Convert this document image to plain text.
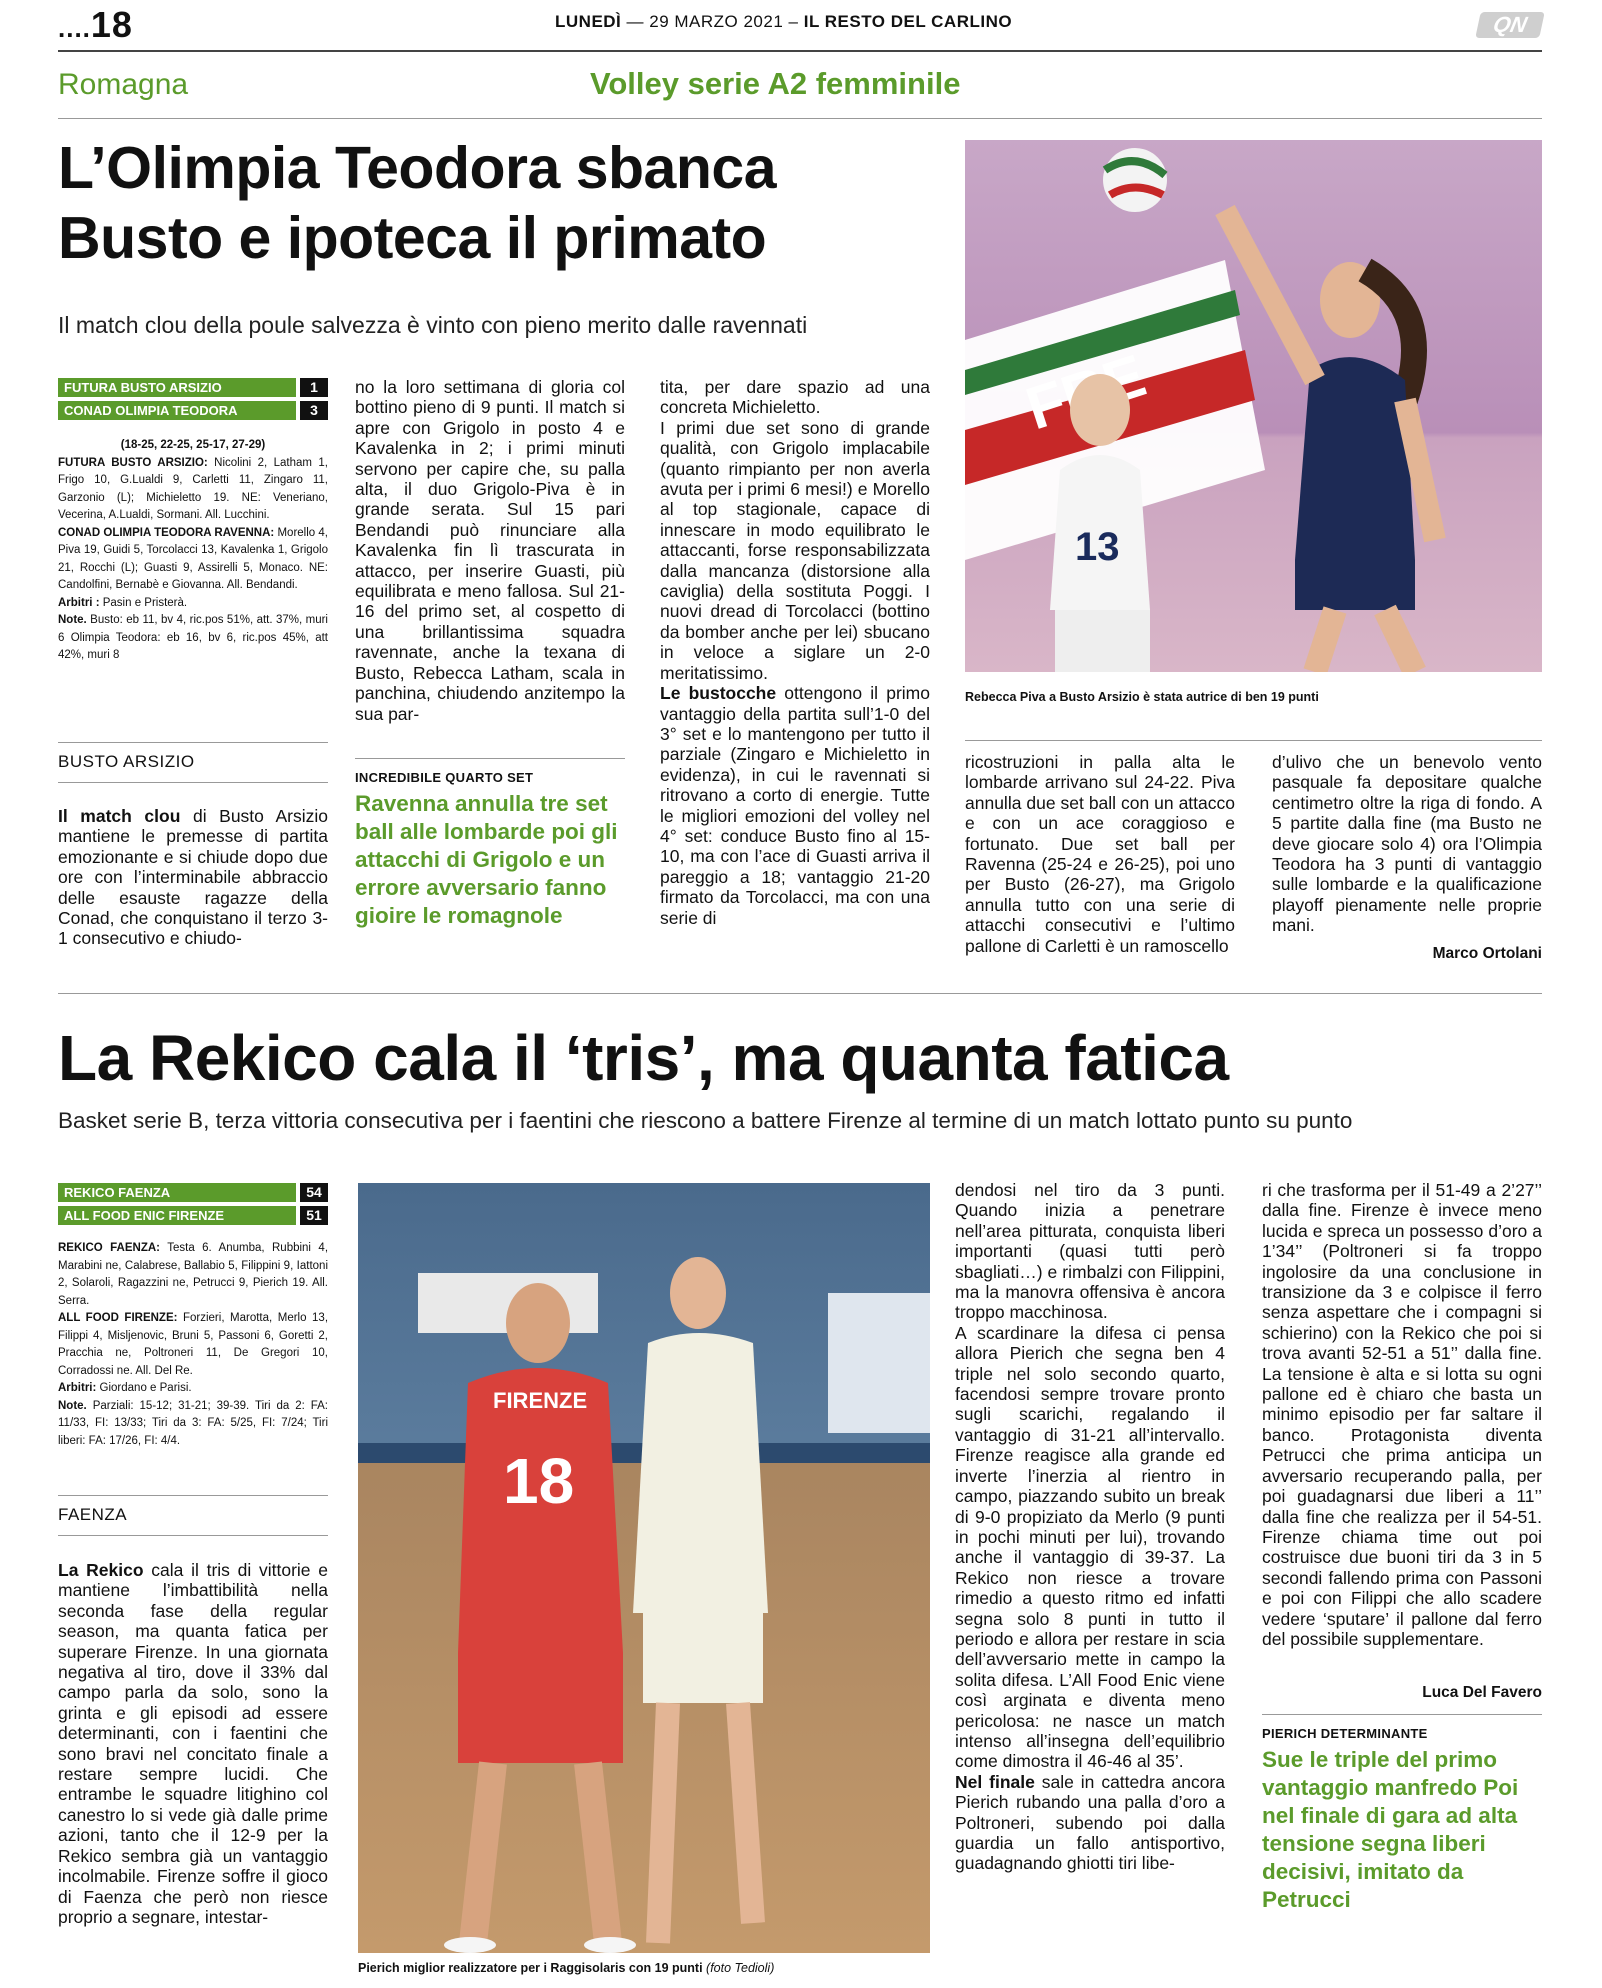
....18	LUNEDÌ — 29 MARZO 2021 – IL RESTO DEL CARLINO	QN
Romagna	Volley serie A2 femminile
L’Olimpia Teodora sbanca
Busto e ipoteca il primato
Il match clou della poule salvezza è vinto con pieno merito dalle ravennati
13
Rebecca Piva a Busto Arsizio è stata autrice di ben 19 punti
FUTURA BUSTO ARSIZIO	1
CONAD OLIMPIA TEODORA	3
(18-25, 22-25, 25-17, 27-29)
FUTURA BUSTO ARSIZIO: Nicolini 2, Latham 1, Frigo 10, G.Lualdi 9, Carletti 11, Zingaro 11, Garzonio (L); Michieletto 19. NE: Veneriano, Vecerina, A.Lualdi, Sormani. All. Lucchini.
CONAD OLIMPIA TEODORA RAVENNA: Morello 4, Piva 19, Guidi 5, Torcolacci 13, Kavalenka 1, Grigolo 21, Rocchi (L); Guasti 9, Assirelli 5, Monaco. NE: Candolfini, Bernabè e Giovanna. All. Bendandi.
Arbitri : Pasin e Pristerà.
Note. Busto: eb 11, bv 4, ric.pos 51%, att. 37%, muri 6 Olimpia Teodora: eb 16, bv 6, ric.pos 45%, att 42%, muri 8
BUSTO ARSIZIO

Il match clou di Busto Arsizio mantiene le premesse di partita emozionante e si chiude dopo due ore con l’interminabile abbraccio delle esauste ragazze della Conad, che conquistano il terzo 3-1 consecutivo e chiudo-

no la loro settimana di gloria col bottino pieno di 9 punti. Il match si apre con Grigolo in posto 4 e Kavalenka in 2; i primi minuti servono per capire che, su palla alta, il duo Grigolo-Piva è in grande serata. Sul 15 pari Bendandi può rinunciare alla Kavalenka fin lì trascurata in attacco, per inserire Guasti, più equilibrata e meno fallosa. Sul 21-16 del primo set, al cospetto di una brillantissima squadra ravennate, anche la texana di Busto, Rebecca Latham, scala in panchina, chiudendo anzitempo la sua par-

INCREDIBILE QUARTO SET
Ravenna annulla tre set ball alle lombarde poi gli attacchi di Grigolo e un errore avversario fanno gioire le romagnole

tita, per dare spazio ad una concreta Michieletto.

I primi due set sono di grande qualità, con Grigolo implacabile (quanto rimpianto per non averla avuta per i primi 6 mesi!) e Morello al top stagionale, capace di innescare in modo equilibrato le attaccanti, forse responsabilizzata dalla mancanza (distorsione alla caviglia) della sostituta Poggi. I nuovi dread di Torcolacci (bottino da bomber anche per lei) sbucano in veloce a siglare un 2-0 meritatissimo.

Le bustocche ottengono il primo vantaggio della partita sull’1-0 del 3° set e lo mantengono per tutto il parziale (Zingaro e Michieletto in evidenza), in cui le ravennati si ritrovano a corto di energie. Tutte le migliori emozioni del volley nel 4° set: conduce Busto fino al 15-10, ma con l’ace di Guasti arriva il pareggio a 18; vantaggio 21-20 firmato da Torcolacci, ma con una serie di

ricostruzioni in palla alta le lombarde arrivano sul 24-22. Piva annulla due set ball con un attacco e con un ace coraggioso e fortunato. Due set ball per Ravenna (25-24 e 26-25), poi uno per Busto (26-27), ma Grigolo annulla tutto con una serie di attacchi consecutivi e l’ultimo pallone di Carletti è un ramoscello

d’ulivo che un benevolo vento pasquale fa depositare qualche centimetro oltre la riga di fondo. A 5 partite dalla fine (ma Busto ne deve giocare solo 4) ora l’Olimpia Teodora ha 3 punti di vantaggio sulle lombarde e la qualificazione playoff pienamente nelle proprie mani.

Marco Ortolani
La Rekico cala il ‘tris’, ma quanta fatica
Basket serie B, terza vittoria consecutiva per i faentini che riescono a battere Firenze al termine di un match lottato punto su punto
REKICO FAENZA	54
ALL FOOD ENIC FIRENZE	51
REKICO FAENZA: Testa 6. Anumba, Rubbini 4, Marabini ne, Calabrese, Ballabio 5, Filippini 9, Iattoni 2, Solaroli, Ragazzini ne, Petrucci 9, Pierich 19. All. Serra.
ALL FOOD FIRENZE: Forzieri, Marotta, Merlo 13, Filippi 4, Misljenovic, Bruni 5, Passoni 6, Goretti 2, Pracchia ne, Poltroneri 11, De Gregori 10, Corradossi ne. All. Del Re.
Arbitri: Giordano e Parisi.
Note. Parziali: 15-12; 31-21; 39-39. Tiri da 2: FA: 11/33, FI: 13/33; Tiri da 3: FA: 5/25, FI: 7/24; Tiri liberi: FA: 17/26, FI: 4/4.
FAENZA

La Rekico cala il tris di vittorie e mantiene l’imbattibilità nella seconda fase della regular season, ma quanta fatica per superare Firenze. In una giornata negativa al tiro, dove il 33% dal campo parla da solo, sono la grinta e gli episodi ad essere determinanti, con i faentini che sono bravi nel concitato finale a restare sempre lucidi. Che entrambe le squadre litighino col canestro lo si vede già dalle prime azioni, tanto che il 12-9 per la Rekico sembra già un vantaggio incolmabile. Firenze soffre il gioco di Faenza che però non riesce proprio a segnare, intestar-

FIRENZE
18
Pierich miglior realizzatore per i Raggisolaris con 19 punti (foto Tedioli)

dendosi nel tiro da 3 punti. Quando inizia a penetrare nell’area pitturata, conquista liberi importanti (quasi tutti però sbagliati…) e rimbalzi con Filippini, ma la manovra offensiva è ancora troppo macchinosa.

A scardinare la difesa ci pensa allora Pierich che segna ben 4 triple nel solo secondo quarto, facendosi sempre trovare pronto sugli scarichi, regalando il vantaggio di 31-21 all’intervallo. Firenze reagisce alla grande ed inverte l’inerzia al rientro in campo, piazzando subito un break di 9-0 propiziato da Merlo (9 punti in pochi minuti per lui), trovando anche il vantaggio di 39-37. La Rekico non riesce a trovare rimedio a questo ritmo ed infatti segna solo 8 punti in tutto il periodo e allora per restare in scia dell’avversario mette in campo la solita difesa. L’All Food Enic viene così arginata e diventa meno pericolosa: ne nasce un match intenso all’insegna dell’equilibrio come dimostra il 46-46 al 35’.

Nel finale sale in cattedra ancora Pierich rubando una palla d’oro a Poltroneri, subendo poi dalla guardia un fallo antisportivo, guadagnando ghiotti tiri libe-

ri che trasforma per il 51-49 a 2’27’’ dalla fine. Firenze è invece meno lucida e spreca un possesso d’oro a 1’34’’ (Poltroneri si fa troppo ingolosire da una conclusione in transizione da 3 e colpisce il ferro senza aspettare che i compagni si schierino) con la Rekico che poi si trova avanti 52-51 a 51’’ dalla fine. La tensione è alta e si lotta su ogni pallone ed è chiaro che basta un minimo episodio per far saltare il banco. Protagonista diventa Petrucci che prima anticipa un avversario recuperando palla, per poi guadagnarsi due liberi a 11’’ dalla fine che realizza per il 54-51. Firenze chiama time out poi costruisce due buoni tiri da 3 in 5 secondi fallendo prima con Passoni e poi con Filippi che allo scadere vedere ‘sputare’ il pallone dal ferro del possibile supplementare.

Luca Del Favero
PIERICH DETERMINANTE
Sue le triple del primo vantaggio manfredo Poi nel finale di gara ad alta tensione segna liberi decisivi, imitato da Petrucci
